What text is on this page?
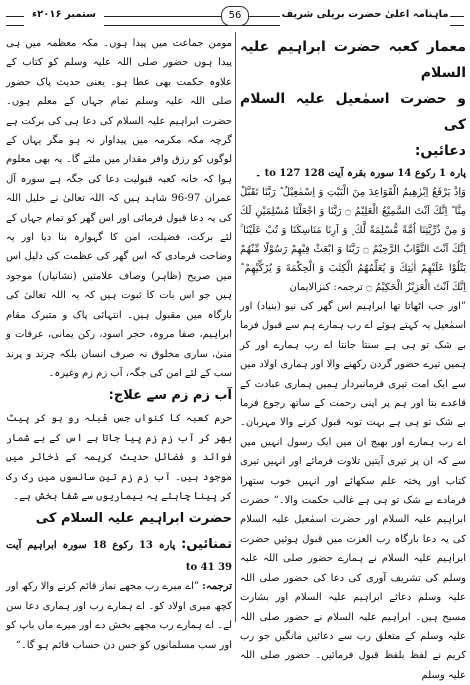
ستمبر ۲۰۱۶ء	56	ماہنامہ اعلیٰ حضرت بریلی شریف

معمار کعبہ حضرت ابراہیم علیہ السلام

و حضرت اسمٰعیل علیہ السلام کی

دعائیں:

پارہ 1 رکوع 14 سورہ بقرہ آیت 128 to 127 ۔

وَاِذْ يَرْفَعُ اِبْرٰهِيمُ الْقَوَاعِدَ مِنَ الْبَيْتِ وَ اِسْمٰعِيْلُ ؕ رَبَّنَا تَقَبَّلْ مِنَّا ؕ اِنَّكَ اَنْتَ السَّمِيْعُ الْعَلِيْمُ ۝ رَبَّنَا وَ اجْعَلْنَا مُسْلِمَيْنِ لَكَ وَ مِنْ ذُرِّيَّتِنَا اُمَّةً مُّسْلِمَةً لَّكَ ۪ وَ اَرِنَا مَنَاسِكَنَا وَ تُبْ عَلَيْنَا ۚ اِنَّكَ اَنْتَ التَّوَّابُ الرَّحِيْمُ ۝ رَبَّنَا وَ ابْعَثْ فِيْهِمْ رَسُوْلًا مِّنْهُمْ يَتْلُوْا عَلَيْهِمْ اٰيٰتِكَ وَ يُعَلِّمُهُمُ الْكِتٰبَ وَ الْحِكْمَةَ وَ يُزَكِّيْهِمْ ؕ اِنَّكَ اَنْتَ الْعَزِيْزُ الْحَكِيْمُ ۝ ترجمہ: کنزالایمان

”اور جب اٹھاتا تھا ابراہیم اس گھر کی نیو (بنیاد) اور اسمٰعیل یہ کہتے ہوئے اے رب ہمارے ہم سے قبول فرما بے شک تو ہی ہے سنتا جانتا اے رب ہمارے اور کر ہمیں تیرے حضور گردن رکھنے والا اور ہماری اولاد میں سے ایک امت تیری فرمانبردار ہمیں ہماری عبادت کے قاعدے بتا اور ہم پر اپنی رحمت کے ساتھ رجوع فرما بے شک تو ہی ہے بہت توبہ قبول کرنے والا مہربان۔ اے رب ہمارے اور بھیج ان میں ایک رسول انہیں میں سے کہ ان پر تیری آیتیں تلاوت فرمائے اور انہیں تیری کتاب اور پختہ علم سکھائے اور انہیں خوب ستھرا فرمادے بے شک تو ہی ہے غالب حکمت والا۔“ حضرت ابراہیم علیہ السلام اور حضرت اسمٰعیل علیہ السلام کی یہ دعا بارگاہ رب العزت میں قبول ہوئیں حضرت ابراہیم علیہ السلام نے ہمارے حضور صلی اللہ علیہ وسلم کی تشریف آوری کی دعا کی حضور صلی اللہ علیہ وسلم دعائے ابراہیم علیہ السلام اور بشارت مسیح ہیں۔ ابراہیم علیہ السلام نے حضور صلی اللہ علیہ وسلم کے متعلق رب سے دعائیں مانگیں جو رب کریم نے لفظ بلفظ قبول فرمائیں۔ حضور صلی اللہ علیہ وسلم

مومن جماعت میں پیدا ہوں۔ مکہ معظمہ میں ہی پیدا ہوں حضور صلی اللہ علیہ وسلم کو کتاب کے علاوہ حکمت بھی عطا ہو۔ یعنی حدیث پاک حضور صلی اللہ علیہ وسلم تمام جہاں کے معلم ہوں۔ حضرت ابراہیم علیہ السلام کی دعا ہی کی برکت ہے گرچہ مکہ مکرمہ میں پیداوار نہ ہو مگر یہاں کے لوگوں کو رزق وافر مقدار میں ملتے گا۔ یہ بھی معلوم ہوا کہ خانہ کعبہ قبولیت دعا کی جگہ ہے سورہ آل عمران 97-96 شاہد ہیں کہ اللہ تعالیٰ نے خلیل اللہ کی یہ دعا قبول فرمائی اور اس گھر کو تمام جہاں کے لئے برکت، فضیلت، امن کا گہوارہ بنا دیا اور یہ وضاحت فرمادی کہ اس گھر کی عظمت کی دلیل اس میں صریح (ظاہر) وصاف علامتیں (نشانیاں) موجود ہیں جو اس بات کا ثبوت ہیں کہ یہ اللہ تعالیٰ کی بارگاہ میں مقبول ہیں۔ انتہائی پاک و متبرک مقام ابراہیم، صفا مروہ، حجر اسود، رکن یمانی، عرفات و منیٰ، ساری مخلوق نہ صرف انسان بلکہ چرند و پرند سب کے لئے امن کی جگہ، آب زم زم وغیرہ۔

آب زم زم سے علاج:

حرم کعبہ کا کنواں جس قبلہ رو ہو کر پیٹ بھر کر آب زم زم پیا جاتا ہے اس کے بے شمار فوائد و فضائل حدیث کریمہ کے ذخائر میں موجود ہیں۔ آب زم زم تین سانسوں میں رک رک کر پینا چاہئے یہ بیماریوں سے شفا بخش ہے۔

حضرت ابراہیم علیہ السلام کی

تمنائیں: پارہ 13 رکوع 18 سورہ ابراہیم آیت 39 to 41

ترجمہ: ”اے میرے رب مجھے نماز قائم کرنے والا رکھ اور کچھ میری اولاد کو۔ اے ہمارے رب اور ہماری دعا سن لے۔ اے ہمارے رب مجھے بخش دے اور میرے ماں باپ کو اور سب مسلمانوں کو جس دن حساب قائم ہو گا۔“
